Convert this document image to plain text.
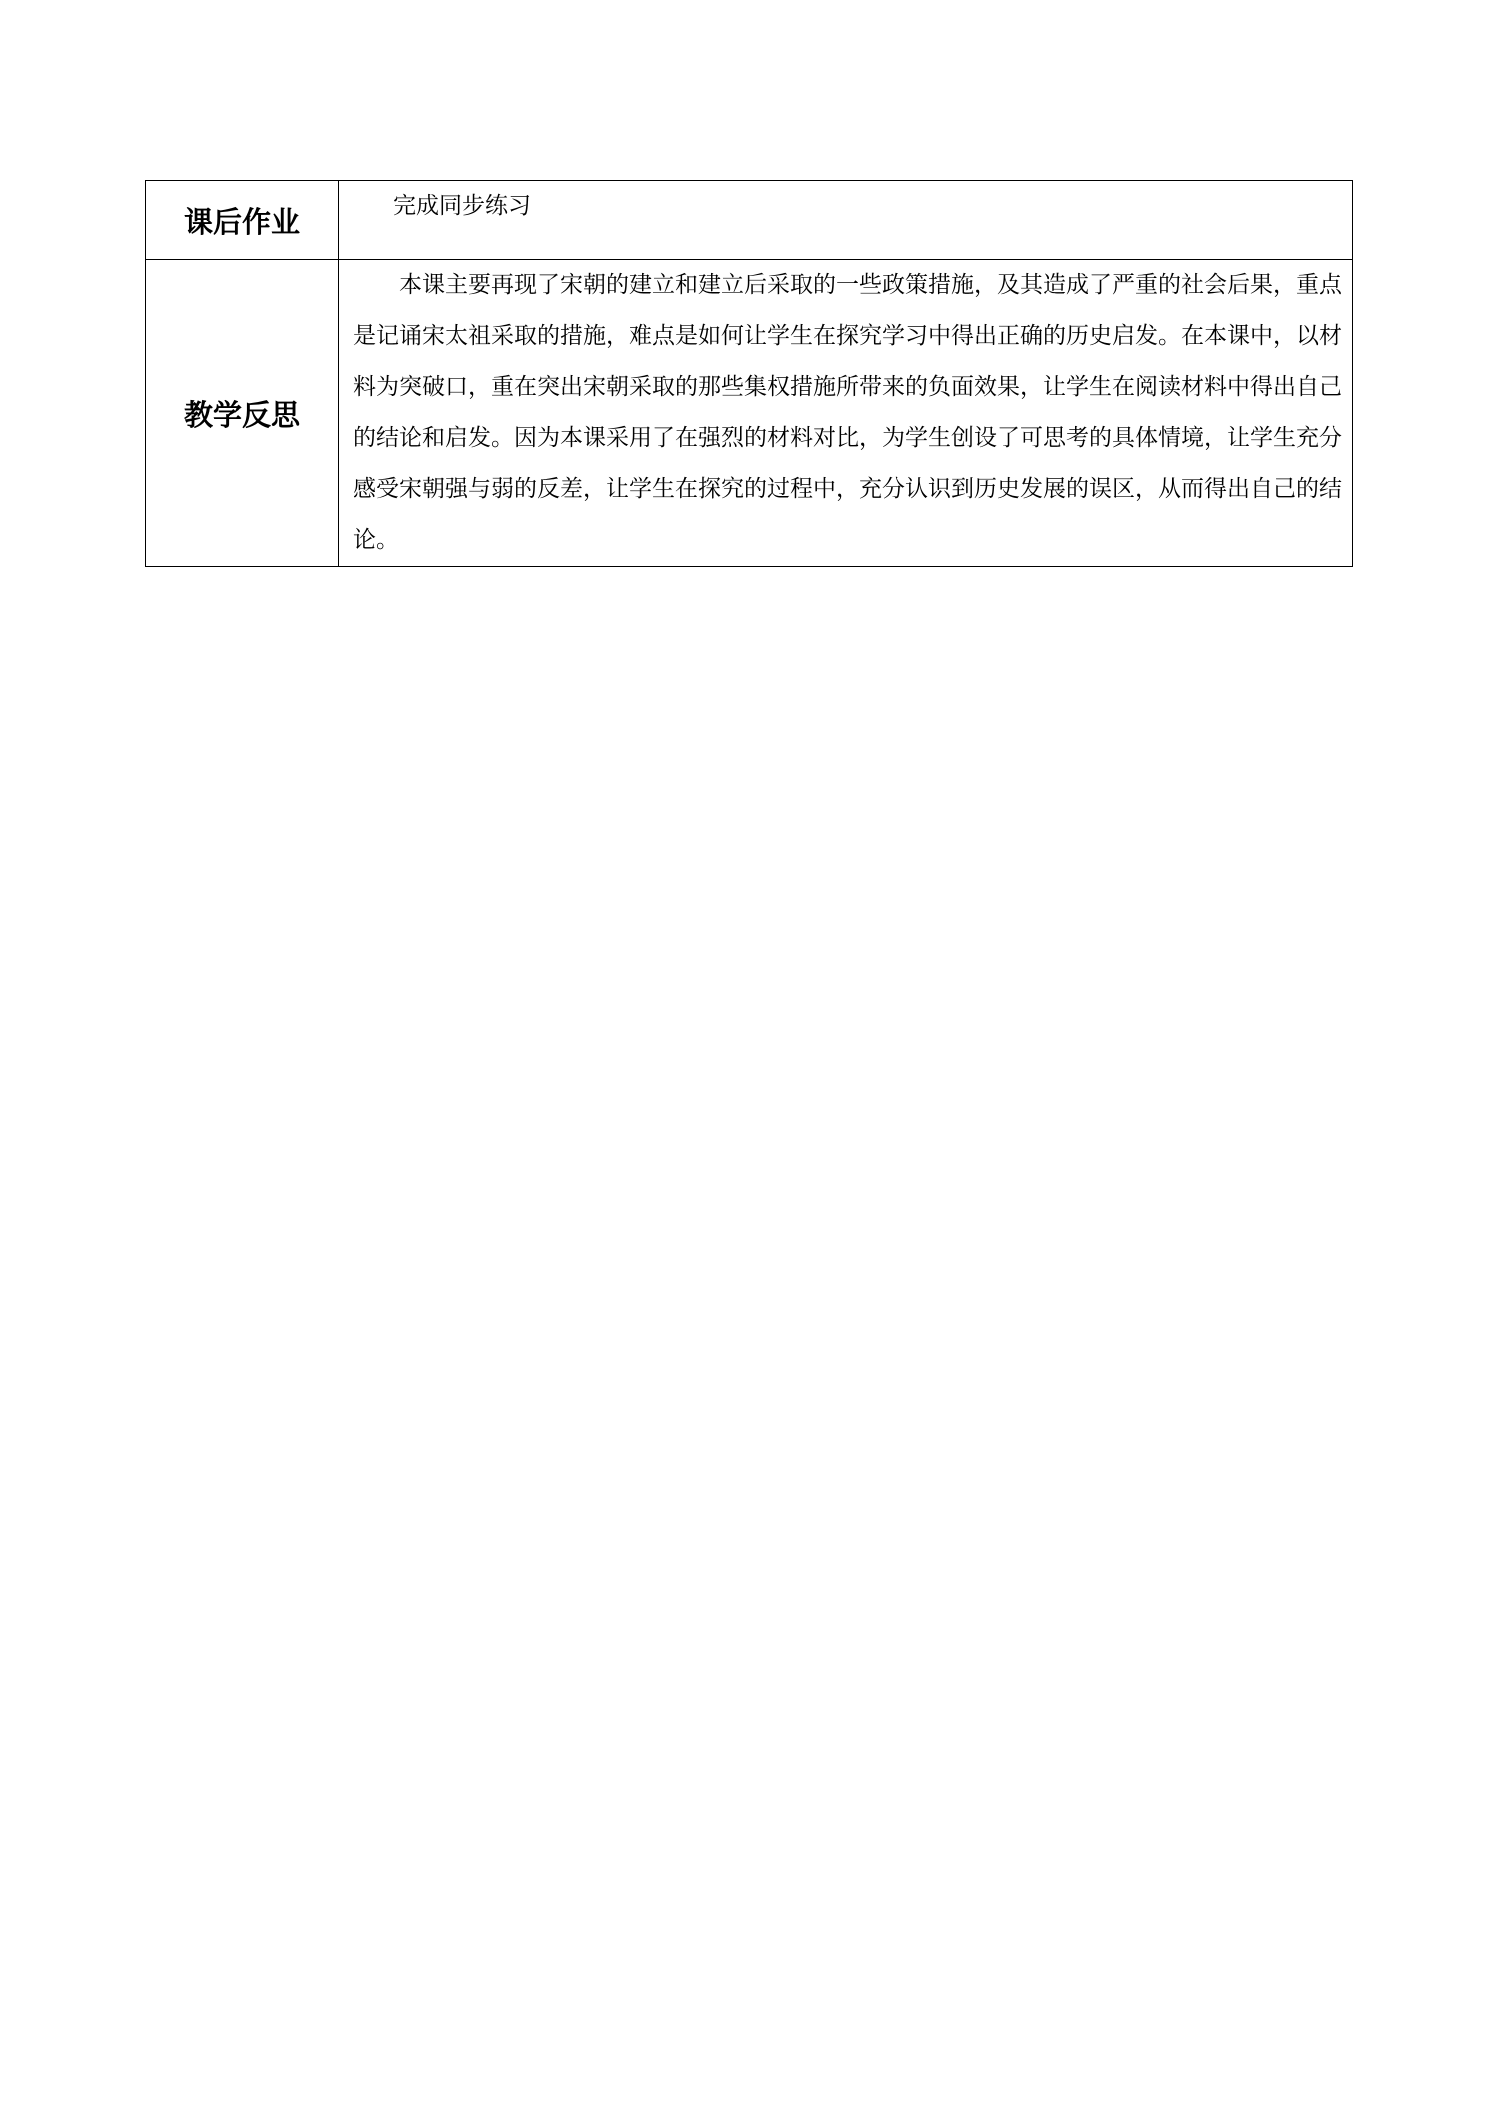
课后作业	完成同步练习

教学反思	本课主要再现了宋朝的建立和建立后采取的一些政策措施，及其造成了严重的社会后果，重点是记诵宋太祖采取的措施，难点是如何让学生在探究学习中得出正确的历史启发。在本课中，以材料为突破口，重在突出宋朝采取的那些集权措施所带来的负面效果，让学生在阅读材料中得出自己的结论和启发。因为本课采用了在强烈的材料对比，为学生创设了可思考的具体情境，让学生充分感受宋朝强与弱的反差，让学生在探究的过程中，充分认识到历史发展的误区，从而得出自己的结论。
